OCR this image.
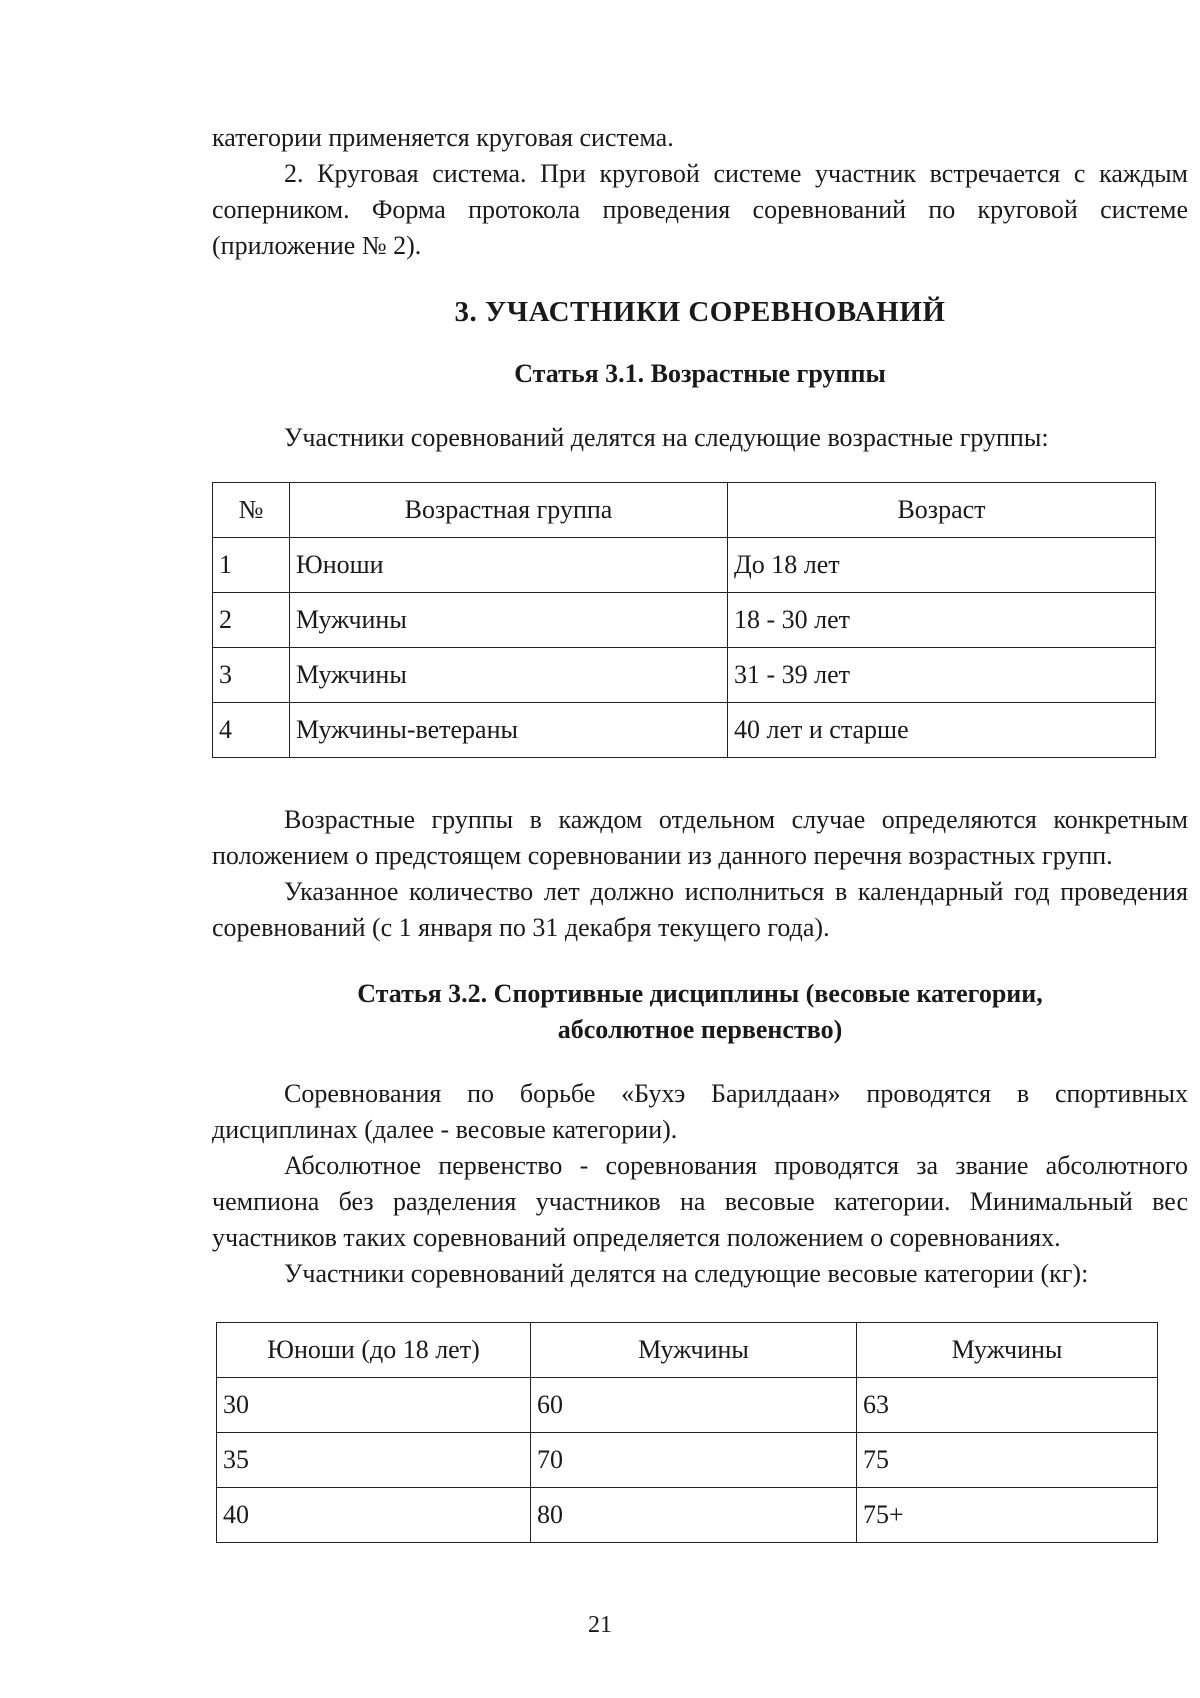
категории применяется круговая система.

2. Круговая система. При круговой системе участник встречается с каждым соперником. Форма протокола проведения соревнований по круговой системе (приложение № 2).

3. УЧАСТНИКИ СОРЕВНОВАНИЙ
Статья 3.1. Возрастные группы

Участники соревнований делятся на следующие возрастные группы:

№	Возрастная группа	Возраст
1	Юноши	До 18 лет
2	Мужчины	18 - 30 лет
3	Мужчины	31 - 39 лет
4	Мужчины-ветераны	40 лет и старше

Возрастные группы в каждом отдельном случае определяются конкретным положением о предстоящем соревновании из данного перечня возрастных групп.

Указанное количество лет должно исполниться в календарный год проведения соревнований (с 1 января по 31 декабря текущего года).

Статья 3.2. Спортивные дисциплины (весовые категории,
абсолютное первенство)

Соревнования по борьбе «Бухэ Барилдаан» проводятся в спортивных дисциплинах (далее - весовые категории).

Абсолютное первенство - соревнования проводятся за звание абсолютного чемпиона без разделения участников на весовые категории. Минимальный вес участников таких соревнований определяется положением о соревнованиях.

Участники соревнований делятся на следующие весовые категории (кг):

Юноши (до 18 лет)	Мужчины	Мужчины
30	60	63
35	70	75
40	80	75+
21
